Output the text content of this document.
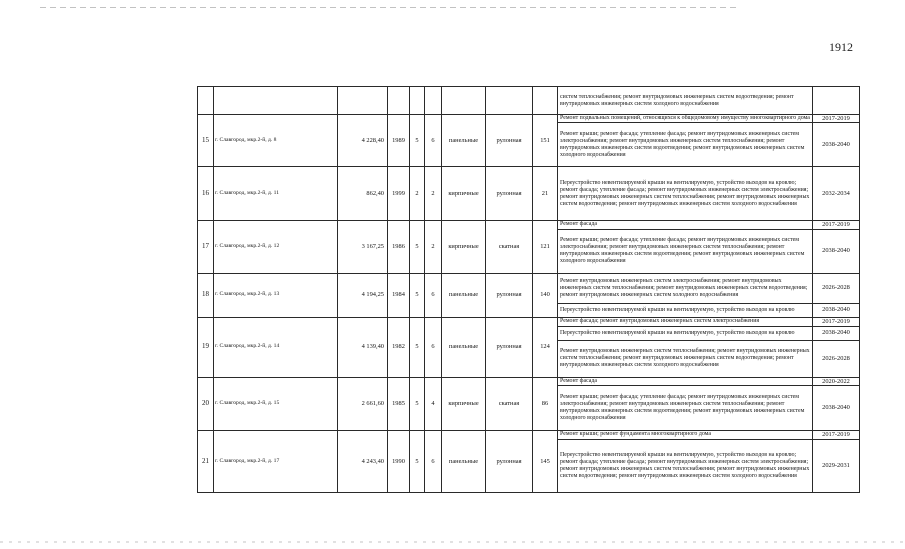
1912
									систем теплоснабжения; ремонт внутридомовых инженерных систем водоотведения; ремонт внутридомовых инженерных систем холодного водоснабжения	
15	г. Славгород, мкр.2-й, д. 8	4 228,40	1989	5	6	панельные	рулонная	151	Ремонт подвальных помещений, относящихся к общедомовому имуществу многоквартирного дома	2017-2019
									Ремонт крыши; ремонт фасада; утепление фасада; ремонт внутридомовых инженерных систем электроснабжения; ремонт внутридомовых инженерных систем теплоснабжения; ремонт внутридомовых инженерных систем водоотведения; ремонт внутридомовых инженерных систем холодного водоснабжения	2038-2040
16	г. Славгород, мкр.2-й, д. 11	862,40	1999	2	2	кирпичные	рулонная	21	Переустройство невентилируемой крыши на вентилируемую, устройство выходов на кровлю; ремонт фасада; утепление фасада; ремонт внутридомовых инженерных систем электроснабжения; ремонт внутридомовых инженерных систем теплоснабжения; ремонт внутридомовых инженерных систем водоотведения; ремонт внутридомовых инженерных систем холодного водоснабжения	2032-2034
17	г. Славгород, мкр.2-й, д. 12	3 167,25	1986	5	2	кирпичные	скатная	121	Ремонт фасада	2017-2019
									Ремонт крыши; ремонт фасада; утепление фасада; ремонт внутридомовых инженерных систем электроснабжения; ремонт внутридомовых инженерных систем теплоснабжения; ремонт внутридомовых инженерных систем водоотведения; ремонт внутридомовых инженерных систем холодного водоснабжения	2038-2040
18	г. Славгород, мкр.2-й, д. 13	4 194,25	1984	5	6	панельные	рулонная	140	Ремонт внутридомовых инженерных систем электроснабжения; ремонт внутридомовых инженерных систем теплоснабжения; ремонт внутридомовых инженерных систем водоотведения; ремонт внутридомовых инженерных систем холодного водоснабжения	2026-2028
									Переустройство невентилируемой крыши на вентилируемую, устройство выходов на кровлю	2038-2040
19	г. Славгород, мкр.2-й, д. 14	4 139,40	1982	5	6	панельные	рулонная	124	Ремонт фасада; ремонт внутридомовых инженерных систем электроснабжения	2017-2019
									Переустройство невентилируемой крыши на вентилируемую, устройство выходов на кровлю	2038-2040
									Ремонт внутридомовых инженерных систем теплоснабжения; ремонт внутридомовых инженерных систем теплоснабжения; ремонт внутридомовых инженерных систем водоотведения; ремонт внутридомовых инженерных систем холодного водоснабжения	2026-2028
20	г. Славгород, мкр.2-й, д. 15	2 661,60	1985	5	4	кирпичные	скатная	86	Ремонт фасада	2020-2022
									Ремонт крыши; ремонт фасада; утепление фасада; ремонт внутридомовых инженерных систем электроснабжения; ремонт внутридомовых инженерных систем теплоснабжения; ремонт внутридомовых инженерных систем водоотведения; ремонт внутридомовых инженерных систем холодного водоснабжения	2038-2040
21	г. Славгород, мкр.2-й, д. 17	4 243,40	1990	5	6	панельные	рулонная	145	Ремонт крыши; ремонт фундамента многоквартирного дома	2017-2019
									Переустройство невентилируемой крыши на вентилируемую, устройство выходов на кровлю; ремонт фасада; утепление фасада; ремонт внутридомовых инженерных систем электроснабжения; ремонт внутридомовых инженерных систем теплоснабжения; ремонт внутридомовых инженерных систем водоотведения; ремонт внутридомовых инженерных систем холодного водоснабжения	2029-2031
